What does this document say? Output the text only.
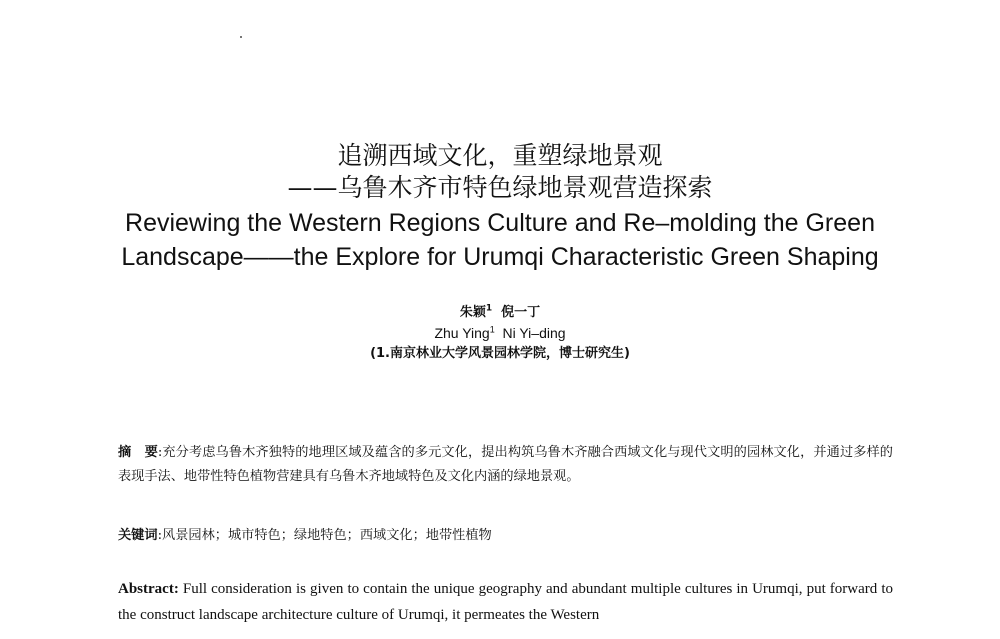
追溯西域文化，重塑绿地景观
——乌鲁木齐市特色绿地景观营造探索
Reviewing the Western Regions Culture and Re–molding the Green
Landscape——the Explore for Urumqi Characteristic Green Shaping
朱颖$^1$ 倪一丁
Zhu Ying$^1$ Ni Yi–ding
(1.南京林业大学风景园林学院，博士研究生)
摘　要:充分考虑乌鲁木齐独特的地理区域及蕴含的多元文化，提出构筑乌鲁木齐融合西域文化与现代文明的园林文化，并通过多样的表现手法、地带性特色植物营建具有乌鲁木齐地域特色及文化内涵的绿地景观。
关键词:风景园林；城市特色；绿地特色；西域文化；地带性植物
Abstract: Full consideration is given to contain the unique geography and abundant multiple cultures in Urumqi, put forward to the construct landscape architecture culture of Urumqi, it permeates the Western
